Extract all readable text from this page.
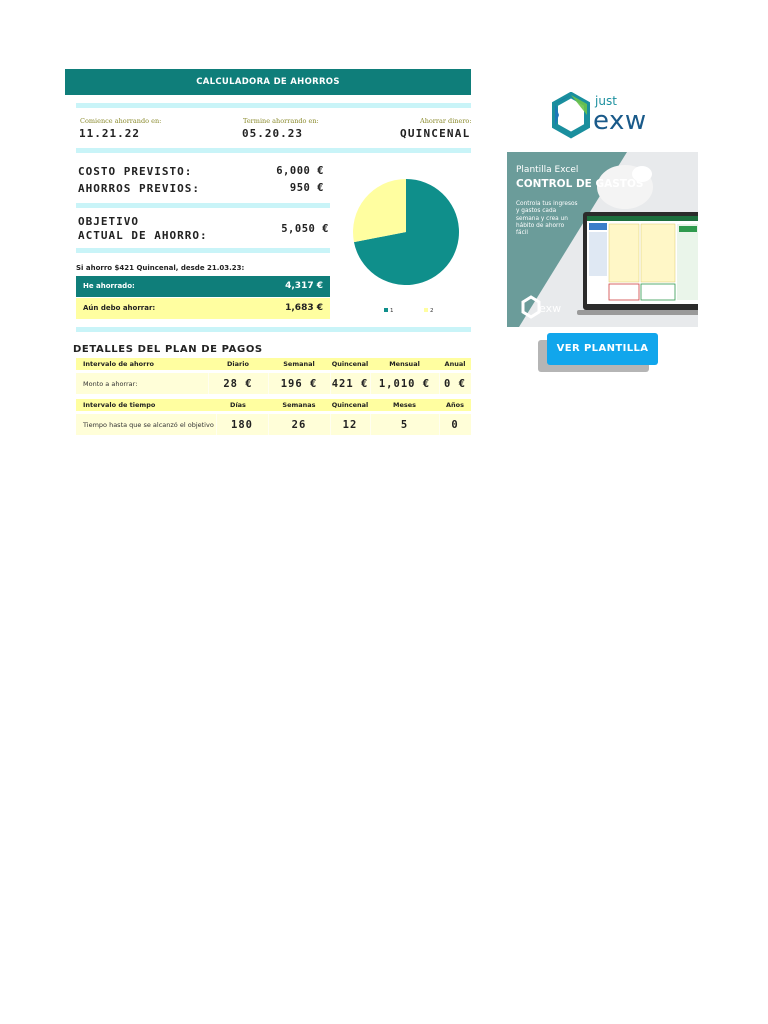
CALCULADORA DE AHORROS
Comience ahorrando en:
11.21.22
Termine ahorrando en:
05.20.23
Ahorrar dinero:
QUINCENAL
COSTO PREVISTO:	6,000 €
AHORROS PREVIOS:	950 €
OBJETIVO
ACTUAL DE AHORRO:	5,050 €
Si ahorro $421 Quincenal, desde 21.03.23:
He ahorrado:	4,317 €
Aún debo ahorrar:	1,683 €	1	2
DETALLES DEL PLAN DE PAGOS
Intervalo de ahorro	Diario	Semanal	Quincenal	Mensual	Anual
Monto a ahorrar:	28 €	196 €	421 €	1,010 €	0 €
Intervalo de tiempo	Días	Semanas	Quincenal	Meses	Años
Tiempo hasta que se alcanzó el objetivo	180	26	12	5	0
just
exw
Plantilla Excel
CONTROL DE GASTOS
Controla tus ingresos
y gastos cada
semana y crea un
hábito de ahorro
fácil
exw
VER PLANTILLA
